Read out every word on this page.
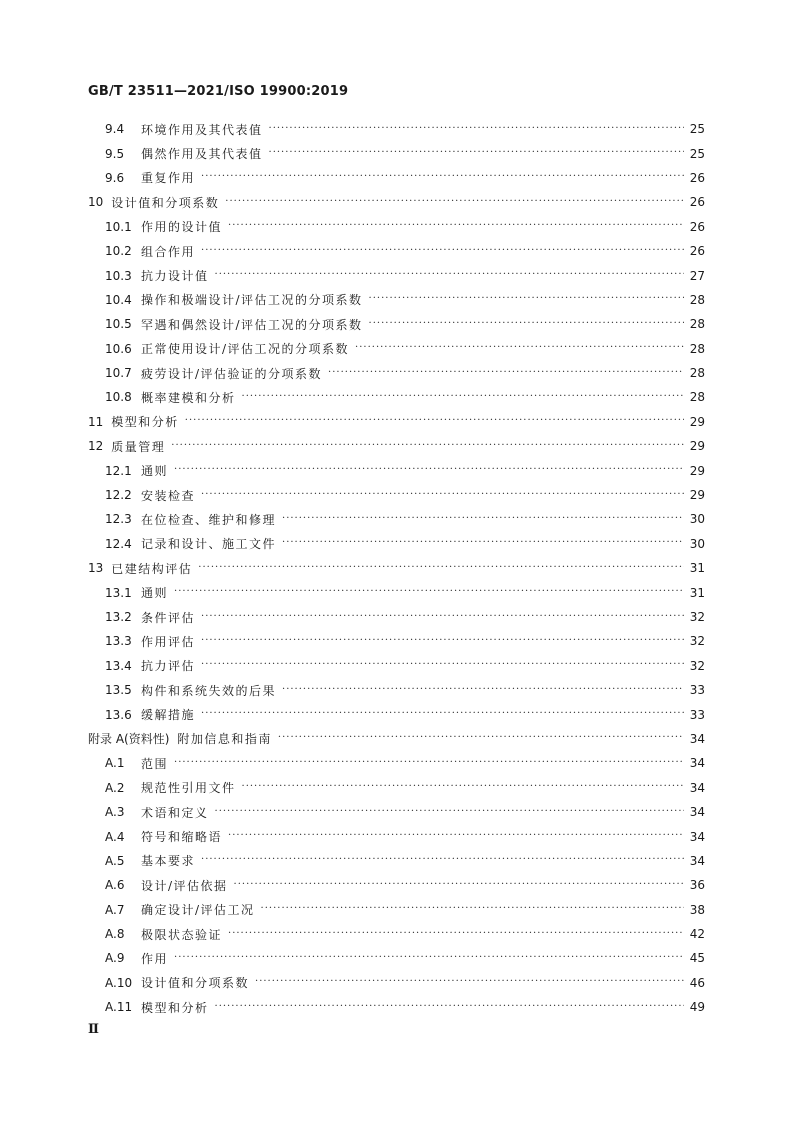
GB/T 23511—2021/ISO 19900:2019
9.4	环境作用及其代表值 ·····	25
9.5	偶然作用及其代表值 ·····	25
9.6	重复作用 ·····	26
10 设计值和分项系数 ·····	26
10.1 作用的设计值 ·····	26
10.2 组合作用 ·····	26
10.3 抗力设计值 ·····	27
10.4 操作和极端设计/评估工况的分项系数 ·····	28
10.5 罕遇和偶然设计/评估工况的分项系数 ·····	28
10.6 正常使用设计/评估工况的分项系数 ·····	28
10.7 疲劳设计/评估验证的分项系数 ·····	28
10.8 概率建模和分析 ·····	28
11 模型和分析 ·····	29
12 质量管理 ·····	29
12.1 通则 ·····	29
12.2 安装检查 ·····	29
12.3 在位检查、维护和修理 ·····	30
12.4 记录和设计、施工文件 ·····	30
13 已建结构评估 ·····	31
13.1 通则 ·····	31
13.2 条件评估 ·····	32
13.3 作用评估 ·····	32
13.4 抗力评估 ·····	32
13.5 构件和系统失效的后果 ·····	33
13.6 缓解措施 ·····	33
附录 A(资料性) 附加信息和指南 ·····	34
A.1	范围 ·····	34
A.2	规范性引用文件 ·····	34
A.3	术语和定义 ·····	34
A.4	符号和缩略语 ·····	34
A.5	基本要求 ·····	34
A.6	设计/评估依据 ·····	36
A.7	确定设计/评估工况 ·····	38
A.8	极限状态验证 ·····	42
A.9	作用 ·····	45
A.10 设计值和分项系数 ·····	46
A.11 模型和分析 ·····	49
Ⅱ
